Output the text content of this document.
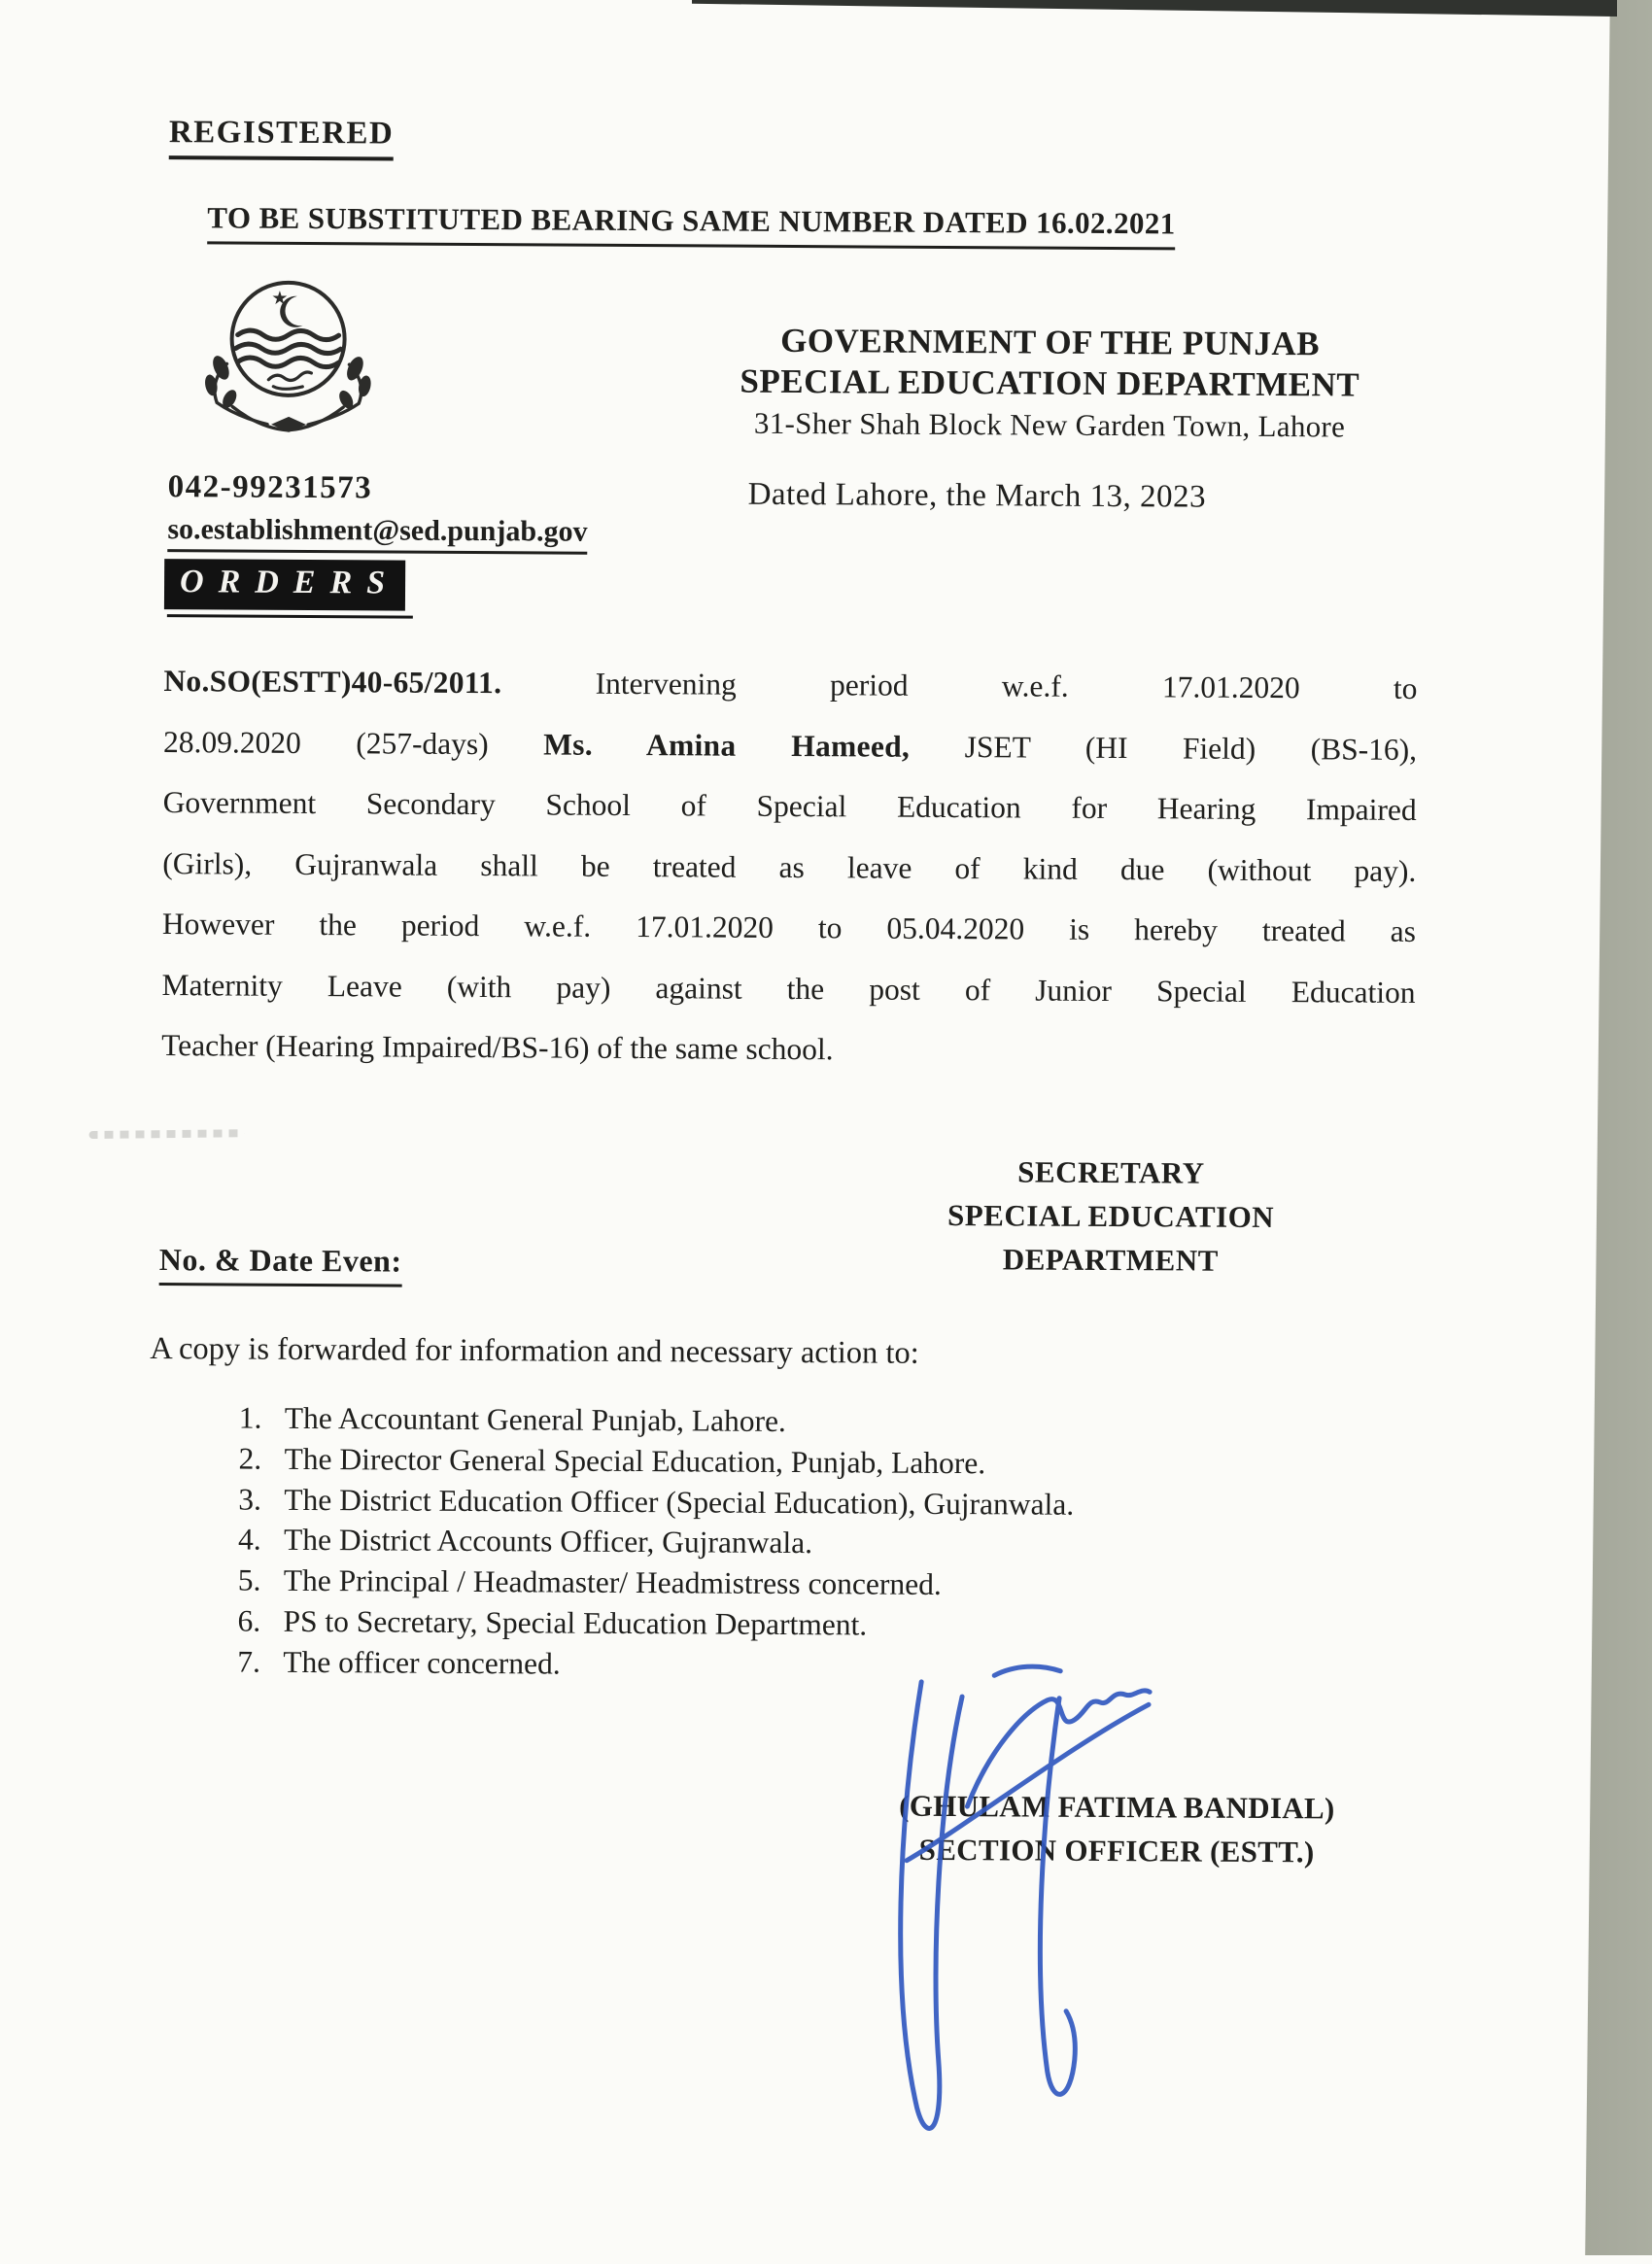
REGISTERED
TO BE SUBSTITUTED BEARING SAME NUMBER DATED 16.02.2021
GOVERNMENT OF THE PUNJAB
SPECIAL EDUCATION DEPARTMENT
31-Sher Shah Block New Garden Town, Lahore
042-99231573
so.establishment@sed.punjab.gov
Dated Lahore, the March 13, 2023
ORDERS
No.SO(ESTT)40-65/2011. Intervening period w.e.f. 17.01.2020 to
28.09.2020 (257-days) Ms. Amina Hameed, JSET (HI Field) (BS-16),
Government Secondary School of Special Education for Hearing Impaired
(Girls), Gujranwala shall be treated as leave of kind due (without pay).
However the period w.e.f. 17.01.2020 to 05.04.2020 is hereby treated as
Maternity Leave (with pay) against the post of Junior Special Education
Teacher (Hearing Impaired/BS-16) of the same school.
SECRETARY
SPECIAL EDUCATION
DEPARTMENT
No. & Date Even:
A copy is forwarded for information and necessary action to:
1. The Accountant General Punjab, Lahore.
2. The Director General Special Education, Punjab, Lahore.
3. The District Education Officer (Special Education), Gujranwala.
4. The District Accounts Officer, Gujranwala.
5. The Principal / Headmaster/ Headmistress concerned.
6. PS to Secretary, Special Education Department.
7. The officer concerned.
(GHULAM FATIMA BANDIAL)
SECTION OFFICER (ESTT.)
